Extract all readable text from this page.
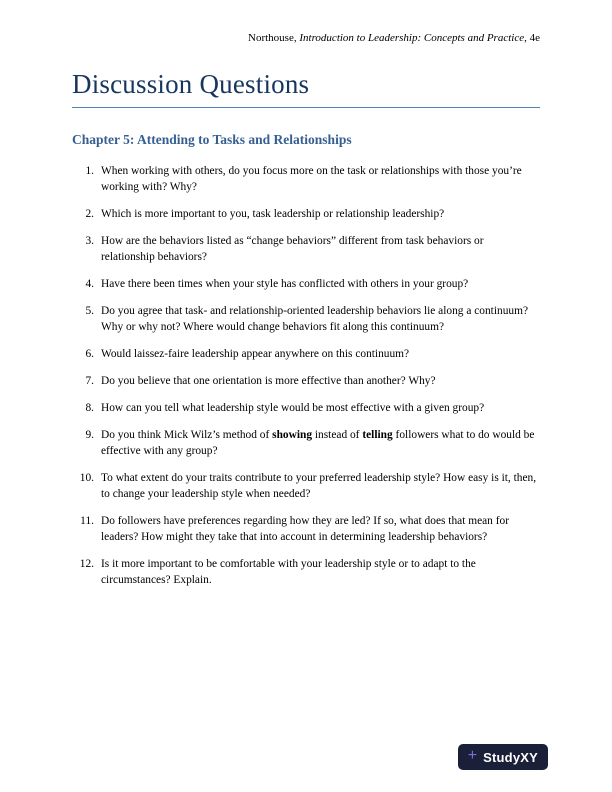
Northouse, Introduction to Leadership: Concepts and Practice, 4e
Discussion Questions
Chapter 5: Attending to Tasks and Relationships
1. When working with others, do you focus more on the task or relationships with those you’re working with? Why?
2. Which is more important to you, task leadership or relationship leadership?
3. How are the behaviors listed as “change behaviors” different from task behaviors or relationship behaviors?
4. Have there been times when your style has conflicted with others in your group?
5. Do you agree that task- and relationship-oriented leadership behaviors lie along a continuum? Why or why not? Where would change behaviors fit along this continuum?
6. Would laissez-faire leadership appear anywhere on this continuum?
7. Do you believe that one orientation is more effective than another? Why?
8. How can you tell what leadership style would be most effective with a given group?
9. Do you think Mick Wilz’s method of showing instead of telling followers what to do would be effective with any group?
10. To what extent do your traits contribute to your preferred leadership style? How easy is it, then, to change your leadership style when needed?
11. Do followers have preferences regarding how they are led? If so, what does that mean for leaders? How might they take that into account in determining leadership behaviors?
12. Is it more important to be comfortable with your leadership style or to adapt to the circumstances? Explain.
+ StudyXY
